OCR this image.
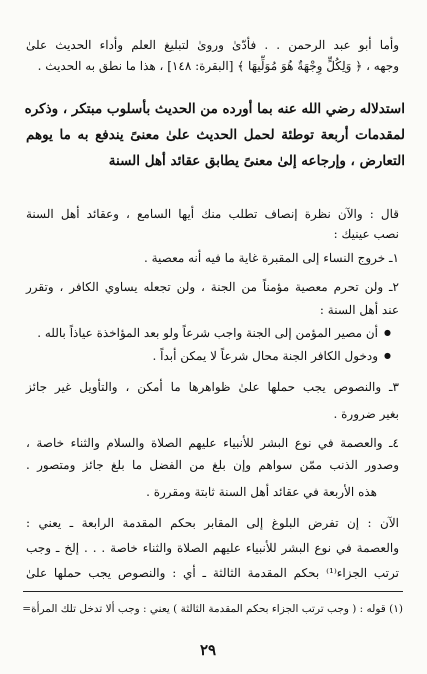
وأما أبو عبد الرحمن . . فأدّىٰ ورویٰ لتبليغ العلم وأداء الحديث علىٰ
وجهه ، ﴿ وَلِكُلٍّ وِجْهَةٌ هُوَ مُوَلِّيهَا ﴾ [البقرة: ١٤٨] ، هذا ما نطق به الحديث .
استدلاله رضي الله عنه بما أورده من الحديث بأسلوب مبتكر ، وذكره
لمقدمات أربعة توطئة لحمل الحديث علىٰ معنىً يندفع به ما يوهم
التعارض ، وإرجاعه إلىٰ معنىً يطابق عقائد أهل السنة
قال : والآن نظرة إنصاف تطلب منك أيها السامع ، وعقائد أهل السنة
نصب عينيك :
١ـ خروج النساء إلى المقبرة غاية ما فيه أنه معصية .
٢ـ ولن تحرم معصية مؤمناً من الجنة ، ولن تجعله يساوي الكافر ، وتقرر
عند أهل السنة :
● أن مصير المؤمن إلى الجنة واجب شرعاً ولو بعد المؤاخذة عياذاً بالله .
● ودخول الكافر الجنة محال شرعاً لا يمكن أبداً .
٣ـ والنصوص يجب حملها علىٰ ظواهرها ما أمكن ، والتأويل غير جائز
بغير ضرورة .
٤ـ والعصمة في نوع البشر للأنبياء عليهم الصلاة والسلام والثناء خاصة ،
وصدور الذنب ممّن سواهم وإن بلغ من الفضل ما بلغ جائز ومتصور .
هذه الأربعة في عقائد أهل السنة ثابتة ومقررة .
الآن : إن تفرض البلوغ إلى المقابر بحكم المقدمة الرابعة ـ يعني :
والعصمة في نوع البشر للأنبياء عليهم الصلاة والثناء خاصة . . . إلخ ـ وجب
ترتب الجزاء⁽¹⁾ بحكم المقدمة الثالثة ـ أي : والنصوص يجب حملها علىٰ
(١) قوله : ( وجب ترتب الجزاء بحكم المقدمة الثالثة ) يعني : وجب ألا تدخل تلك المرأة=
٢٩
